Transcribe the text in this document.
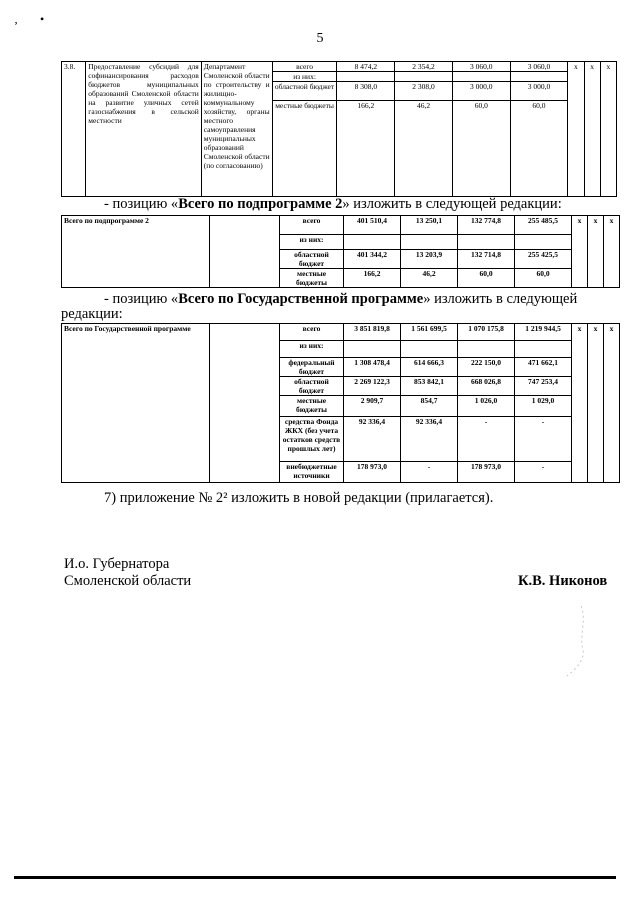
‚ •
5
3.8.	Предоставление субсидий для софинансирования расходов бюджетов муниципальных образований Смоленской области на развитие уличных сетей газоснабжения в сельской местности	Департамент Смоленской области по строительству и жилищно-коммунальному хозяйству, органы местного самоуправления муниципальных образований Смоленской области (по согласованию)	всего	8 474,2	2 354,2	3 060,0	3 060,0	х	х	х
			из них:							
			областной бюджет	8 308,0	2 308,0	3 000,0	3 000,0			
			местные бюджеты	166,2	46,2	60,0	60,0			
- позицию «Всего по подпрограмме 2» изложить в следующей редакции:
Всего по подпрограмме 2		всего	401 510,4	13 250,1	132 774,8	255 485,5	х	х	х
		из них:							
		областной бюджет	401 344,2	13 203,9	132 714,8	255 425,5			
		местные бюджеты	166,2	46,2	60,0	60,0			
- позицию «Всего по Государственной программе» изложить в следующей
редакции:
Всего по Государственной программе		всего	3 851 819,8	1 561 699,5	1 070 175,8	1 219 944,5	х	х	х
		из них:							
		федеральный бюджет	1 308 478,4	614 666,3	222 150,0	471 662,1			
		областной бюджет	2 269 122,3	853 842,1	668 026,8	747 253,4			
		местные бюджеты	2 909,7	854,7	1 026,0	1 029,0			
		средства Фонда ЖКХ (без учета остатков средств прошлых лет)	92 336,4	92 336,4	-	-			
		внебюджетные источники	178 973,0	-	178 973,0	-			
7) приложение № 2² изложить в новой редакции (прилагается).
И.о. Губернатора
Смоленской области	К.В. Никонов
